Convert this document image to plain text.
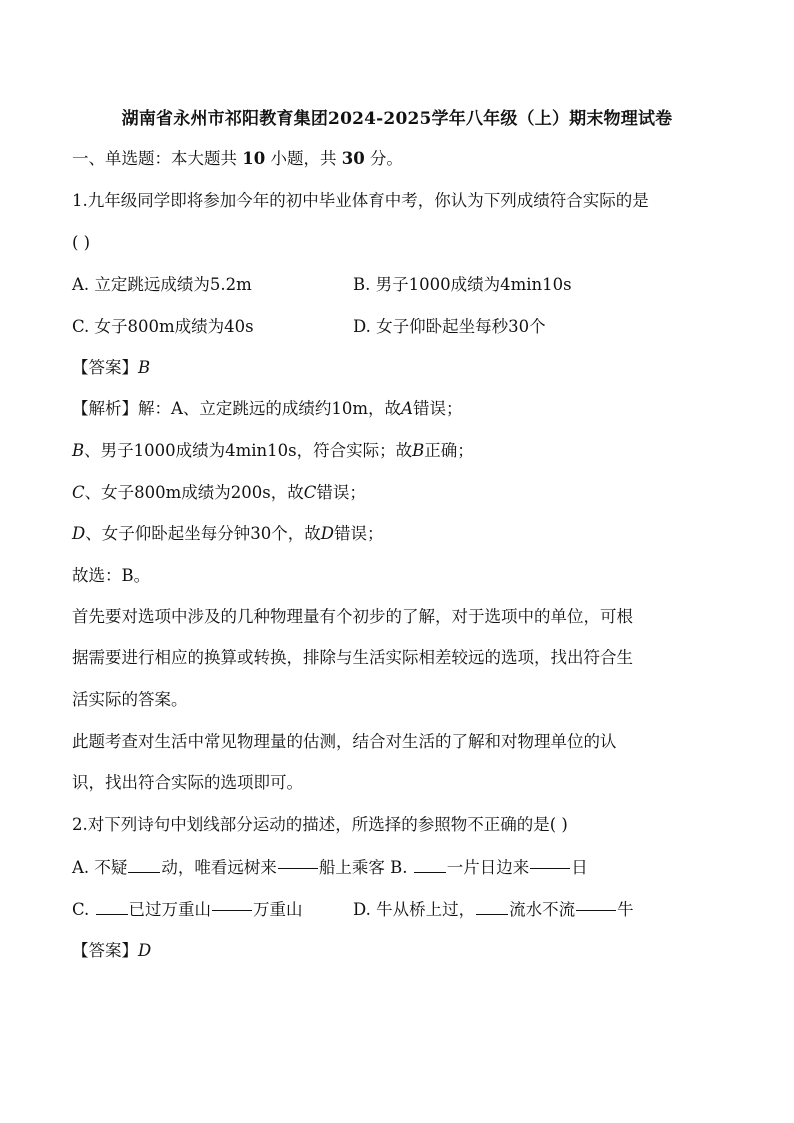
湖南省永州市祁阳教育集团2024-2025学年八年级（上）期末物理试卷
一、单选题：本大题共 10 小题，共 30 分。
1.九年级同学即将参加今年的初中毕业体育中考，你认为下列成绩符合实际的是
( )
A. 立定跳远成绩为5.2m	B. 男子1000成绩为4min10s
C. 女子800m成绩为40s	D. 女子仰卧起坐每秒30个
【答案】B
【解析】解：A、立定跳远的成绩约10m，故A错误；
B、男子1000成绩为4min10s，符合实际；故B正确；
C、女子800m成绩为200s，故C错误；
D、女子仰卧起坐每分钟30个，故D错误；
故选：B。
首先要对选项中涉及的几种物理量有个初步的了解，对于选项中的单位，可根
据需要进行相应的换算或转换，排除与生活实际相差较远的选项，找出符合生
活实际的答案。
此题考查对生活中常见物理量的估测，结合对生活的了解和对物理单位的认
识，找出符合实际的选项即可。
2.对下列诗句中划线部分运动的描述，所选择的参照物不正确的是( )
A. 不疑 动，唯看远树来	船上乘客 B. 一片日边来	日
C. 已过万重山	万重山	D. 牛从桥上过， 流水不流	牛
【答案】D
